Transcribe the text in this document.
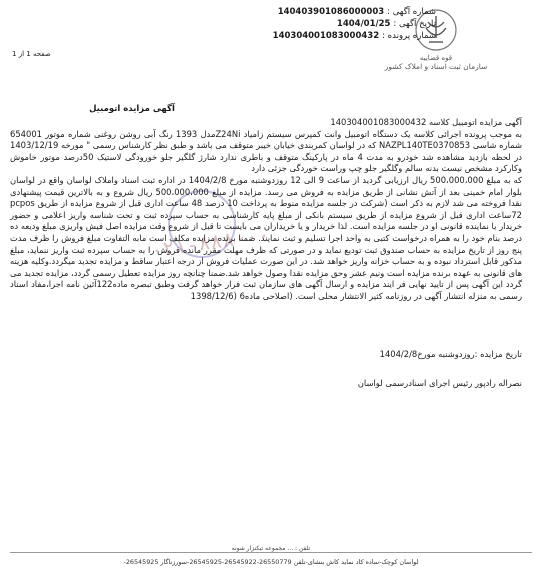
قوه قضاییه
سازمان ثبت اسناد و املاک کشور
شماره آگهی : 140403901086000003
تاریخ آگهی : 1404/01/25
شماره پرونده : 140304001083000432
صفحه 1 از 1
آگهی مزایده اتومبیل
۰۲۱-۸۸۸۰۰۰

آگهی مزایده اتومبیل کلاسه 140304001083000432

به موجب پرونده اجرائی کلاسه یک دستگاه اتومبیل وانت کمپرس سیستم زامیاد Z24Niمدل 1393 رنگ آبی روشن روغنی شماره موتور 654001 شماره شاسی NAZPL140TE0370853 که در لواسان کمربندی خیابان خیبر متوقف می باشد و طبق نظر کارشناس رسمی " مورخه 1403/12/19 در لحظه بازدید مشاهده شد خودرو به مدت 4 ماه در پارکینگ متوقف و باطری ندارد شارژ گلگیر جلو خورودگی لاستیک 50درصد موتور خاموش وکارکرد مشخص نیست بدنه سالم وگلگیر جلو چپ وراست خوردگی جزئی دارد

که به مبلغ 500،000،000 ریال ارزیابی گردید از ساعت 9 الی 12 روزدوشنبه مورخ 1404/2/8 در اداره ثبت اسناد واملاک لواسان واقع در لواسان بلوار امام خمینی بعد از آتش نشانی از طریق مزایده به فروش می رسد. مزایده از مبلغ 500،000،000 ریال شروع و به بالاترین قیمت پیشنهادی نقدا فروخته می شد لازم به ذکر است (شرکت در جلسه مزایده منوط به پرداخت 10 درصد 48 ساعت اداری قبل از شروع مزایده از طریق pcpos 72ساعت اداری قبل از شروع مزایده از طریق سیستم بانکی از مبلغ پایه کارشناسی به حساب سپرده ثبت و تحت شناسه واریز اعلامی و حضور خریدار یا نماینده قانونی او در جلسه مزایده است. لذا خریدار و یا خریداران می بایست تا قبل از شروع وقت مزایده اصل فیش واریزی مبلغ ودیعه ده درصد بنام خود را به همراه درخواست کتبی به واحد اجرا تسلیم و ثبت نمایند. ضمنا برنده مزایده مکلف است مابه التفاوت مبلغ فروش را ظرف مدت پنج روز از تاریخ مزایده به حساب صندوق ثبت تودیع نماید و در صورتی که ظرف مهلت مقرر مانده فروش را به حساب سپرده ثبت واریز ننماید، مبلغ مذکور قابل استرداد نبوده و به حساب خزانه واریز خواهد شد. در این صورت عملیات فروش از درجه اعتبار ساقط و مزایده تجدید میگردد.وکلیه هزینه های قانونی به عهده برنده مزایده است ونیم عشر وحق مزایده نقدا وصول خواهد شد.ضمنا چنانچه روز مزایده تعطیل رسمی گردد، مزایده تجدید می گردد این آگهی پس از تایید نهایی فر ایند مزایده و ارسال آگهی های سازمان ثبت فرار خواهد گرفت وطبق تبصره ماده122آئین نامه اجرا،مفاد اسناد رسمی به منزله انتشار آگهی در روزنامه کثیر الانتشار محلی است. (اصلاحی ماده6 (1398/12/6

تاریخ مزایده :روزدوشنبه مورخ1404/2/8
نصراله رادپور رئیس اجرای اسنادرسمی لواسان
تلفن : ... مجموعه تیکنزار شونه
لواسان کوچک-ساده کاد نماید کاش بنشای-تلفن 26550779-26545922-26545925-سورزناگار 26545925-
